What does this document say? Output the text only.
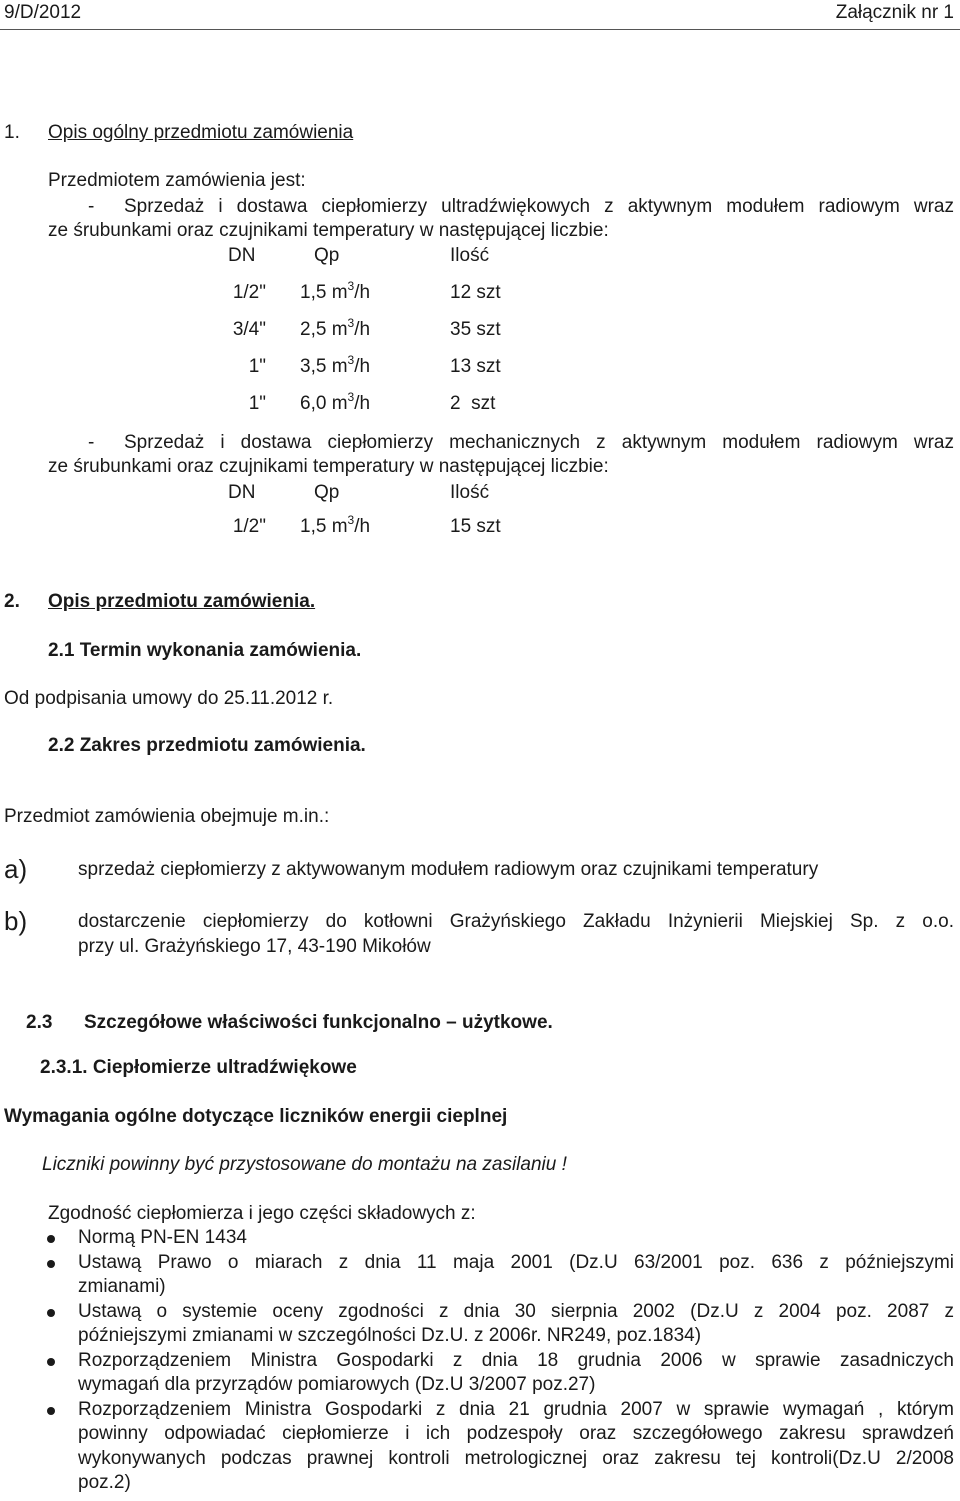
9/D/2012	Załącznik nr 1
1. Opis ogólny przedmiotu zamówienia
Przedmiotem zamówienia jest:
- Sprzedaż i dostawa ciepłomierzy ultradźwiękowych z aktywnym modułem radiowym wraz
ze śrubunkami oraz czujnikami temperatury w następującej liczbie:
DN	Qp	Ilość
1/2" 1,5 $m^3/h$	12 szt
3/4" 2,5 $m^3/h$	35 szt
1" 3,5 $m^3/h$	13 szt
1" 6,0 $m^3/h$	2  szt
- Sprzedaż i dostawa ciepłomierzy mechanicznych z aktywnym modułem radiowym wraz
ze śrubunkami oraz czujnikami temperatury w następującej liczbie:
DN	Qp	Ilość
1/2" 1,5 $m^3/h$	15 szt
2. Opis przedmiotu zamówienia.
2.1 Termin wykonania zamówienia.
Od podpisania umowy do 25.11.2012 r.
2.2 Zakres przedmiotu zamówienia.
Przedmiot zamówienia obejmuje m.in.:
a)	sprzedaż ciepłomierzy z aktywowanym modułem radiowym oraz czujnikami temperatury
b)	dostarczenie ciepłomierzy do kotłowni Grażyńskiego Zakładu Inżynierii Miejskiej Sp. z o.o.
przy ul. Grażyńskiego 17, 43-190 Mikołów
2.3 Szczegółowe właściwości funkcjonalno – użytkowe.
2.3.1. Ciepłomierze ultradźwiękowe
Wymagania ogólne dotyczące liczników energii cieplnej
Liczniki powinny być przystosowane do montażu na zasilaniu !
Zgodność ciepłomierza i jego części składowych z:
Normą PN-EN 1434
Ustawą Prawo o miarach z dnia 11 maja 2001 (Dz.U 63/2001 poz. 636 z późniejszymi
zmianami)
Ustawą o systemie oceny zgodności z dnia 30 sierpnia 2002 (Dz.U z 2004 poz. 2087 z
późniejszymi zmianami w szczególności Dz.U. z 2006r. NR249, poz.1834)
Rozporządzeniem Ministra Gospodarki z dnia 18 grudnia 2006 w sprawie zasadniczych
wymagań dla przyrządów pomiarowych (Dz.U 3/2007 poz.27)
Rozporządzeniem Ministra Gospodarki z dnia 21 grudnia 2007 w sprawie wymagań , którym
powinny odpowiadać ciepłomierze i ich podzespoły oraz szczegółowego zakresu sprawdzeń
wykonywanych podczas prawnej kontroli metrologicznej oraz zakresu tej kontroli(Dz.U 2/2008
poz.2)
